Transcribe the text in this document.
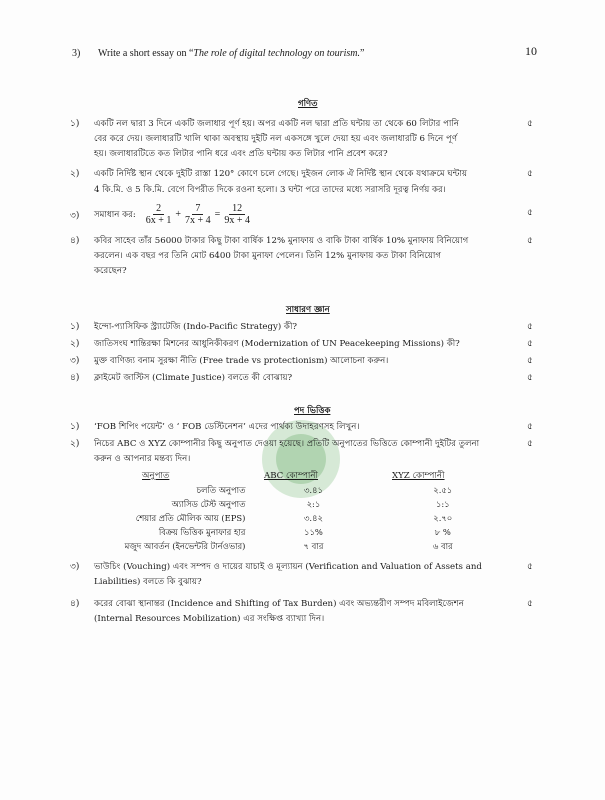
3) Write a short essay on “The role of digital technology on tourism.”	10
গণিত
১) একটি নল দ্বারা 3 দিনে একটি জলাধার পূর্ণ হয়। অপর একটি নল দ্বারা প্রতি ঘন্টায় তা থেকে 60 লিটার পানি
বের করে দেয়। জলাধারটি খালি থাকা অবস্থায় দুইটি নল একসঙ্গে খুলে দেয়া হয় এবং জলাধারটি 6 দিনে পূর্ণ
হয়। জলাধারটিতে কত লিটার পানি ধরে এবং প্রতি ঘন্টায় কত লিটার পানি প্রবেশ করে?
৫
২) একটি নির্দিষ্ট স্থান থেকে দুইটি রাস্তা 120° কোণে চলে গেছে। দুইজন লোক ঐ নির্দিষ্ট স্থান থেকে যথাক্রমে ঘন্টায়
4 কি.মি. ও 5 কি.মি. বেগে বিপরীত দিকে রওনা হলো। 3 ঘন্টা পরে তাদের মধ্যে সরাসরি দূরত্ব নির্ণয় কর।
৫
৩) সমাধান কর: $\frac{2}{6x + 1} + \frac{7}{7x + 4} = \frac{12}{9x + 4}$	৫
৪) কবির সাহেব তাঁর 56000 টাকার কিছু টাকা বার্ষিক 12% মুনাফায় ও বাকি টাকা বার্ষিক 10% মুনাফায় বিনিয়োগ
করলেন। এক বছর পর তিনি মোট 6400 টাকা মুনাফা পেলেন। তিনি 12% মুনাফায় কত টাকা বিনিয়োগ
করেছেন?
৫
সাধারণ জ্ঞান
১) ইন্দো-প্যাসিফিক স্ট্র্যাটেজি (Indo-Pacific Strategy) কী?	৫
২) জাতিসংঘ শান্তিরক্ষা মিশনের আধুনিকীকরণ (Modernization of UN Peacekeeping Missions) কী?	৫
৩) মুক্ত বাণিজ্য বনাম সুরক্ষা নীতি (Free trade vs protectionism) আলোচনা করুন।	৫
৪) ক্লাইমেট জাস্টিস (Climate Justice) বলতে কী বোঝায়?	৫
পদ ভিত্তিক
১) ‘FOB শিপিং পয়েন্ট’ ও ‘ FOB ডেস্টিনেশন’ এদের পার্থক্য উদাহরণসহ লিখুন।	৫
২) নিচের ABC ও XYZ কোম্পানীর কিছু অনুপাত দেওয়া হয়েছে। প্রতিটি অনুপাতের ভিত্তিতে কোম্পানী দুইটির তুলনা
করুন ও আপনার মন্তব্য দিন।
৫
অনুপাত	ABC কোম্পানী	XYZ কোম্পানী
চলতি অনুপাত	৩.৪১	২.৫১
অ্যাসিড টেস্ট অনুপাত	২:১	১:১
শেয়ার প্রতি মৌলিক আয় (EPS)	৩.৪২	২.৭০
বিক্রয় ভিত্তিক মুনাফার হার	১১%	৮ %
মজুদ আবর্তন (ইনভেন্টরি টার্নওভার)	৭ বার	৬ বার
৩) ভাউচিং (Vouching) এবং সম্পদ ও দায়ের যাচাই ও মূল্যায়ন (Verification and Valuation of Assets and
Liabilities) বলতে কি বুঝায়?
৫
৪) করের বোঝা স্থানান্তর (Incidence and Shifting of Tax Burden) এবং অভ্যন্তরীণ সম্পদ মবিলাইজেশন
(Internal Resources Mobilization) এর সংক্ষিপ্ত ব্যাখ্যা দিন।
৫
